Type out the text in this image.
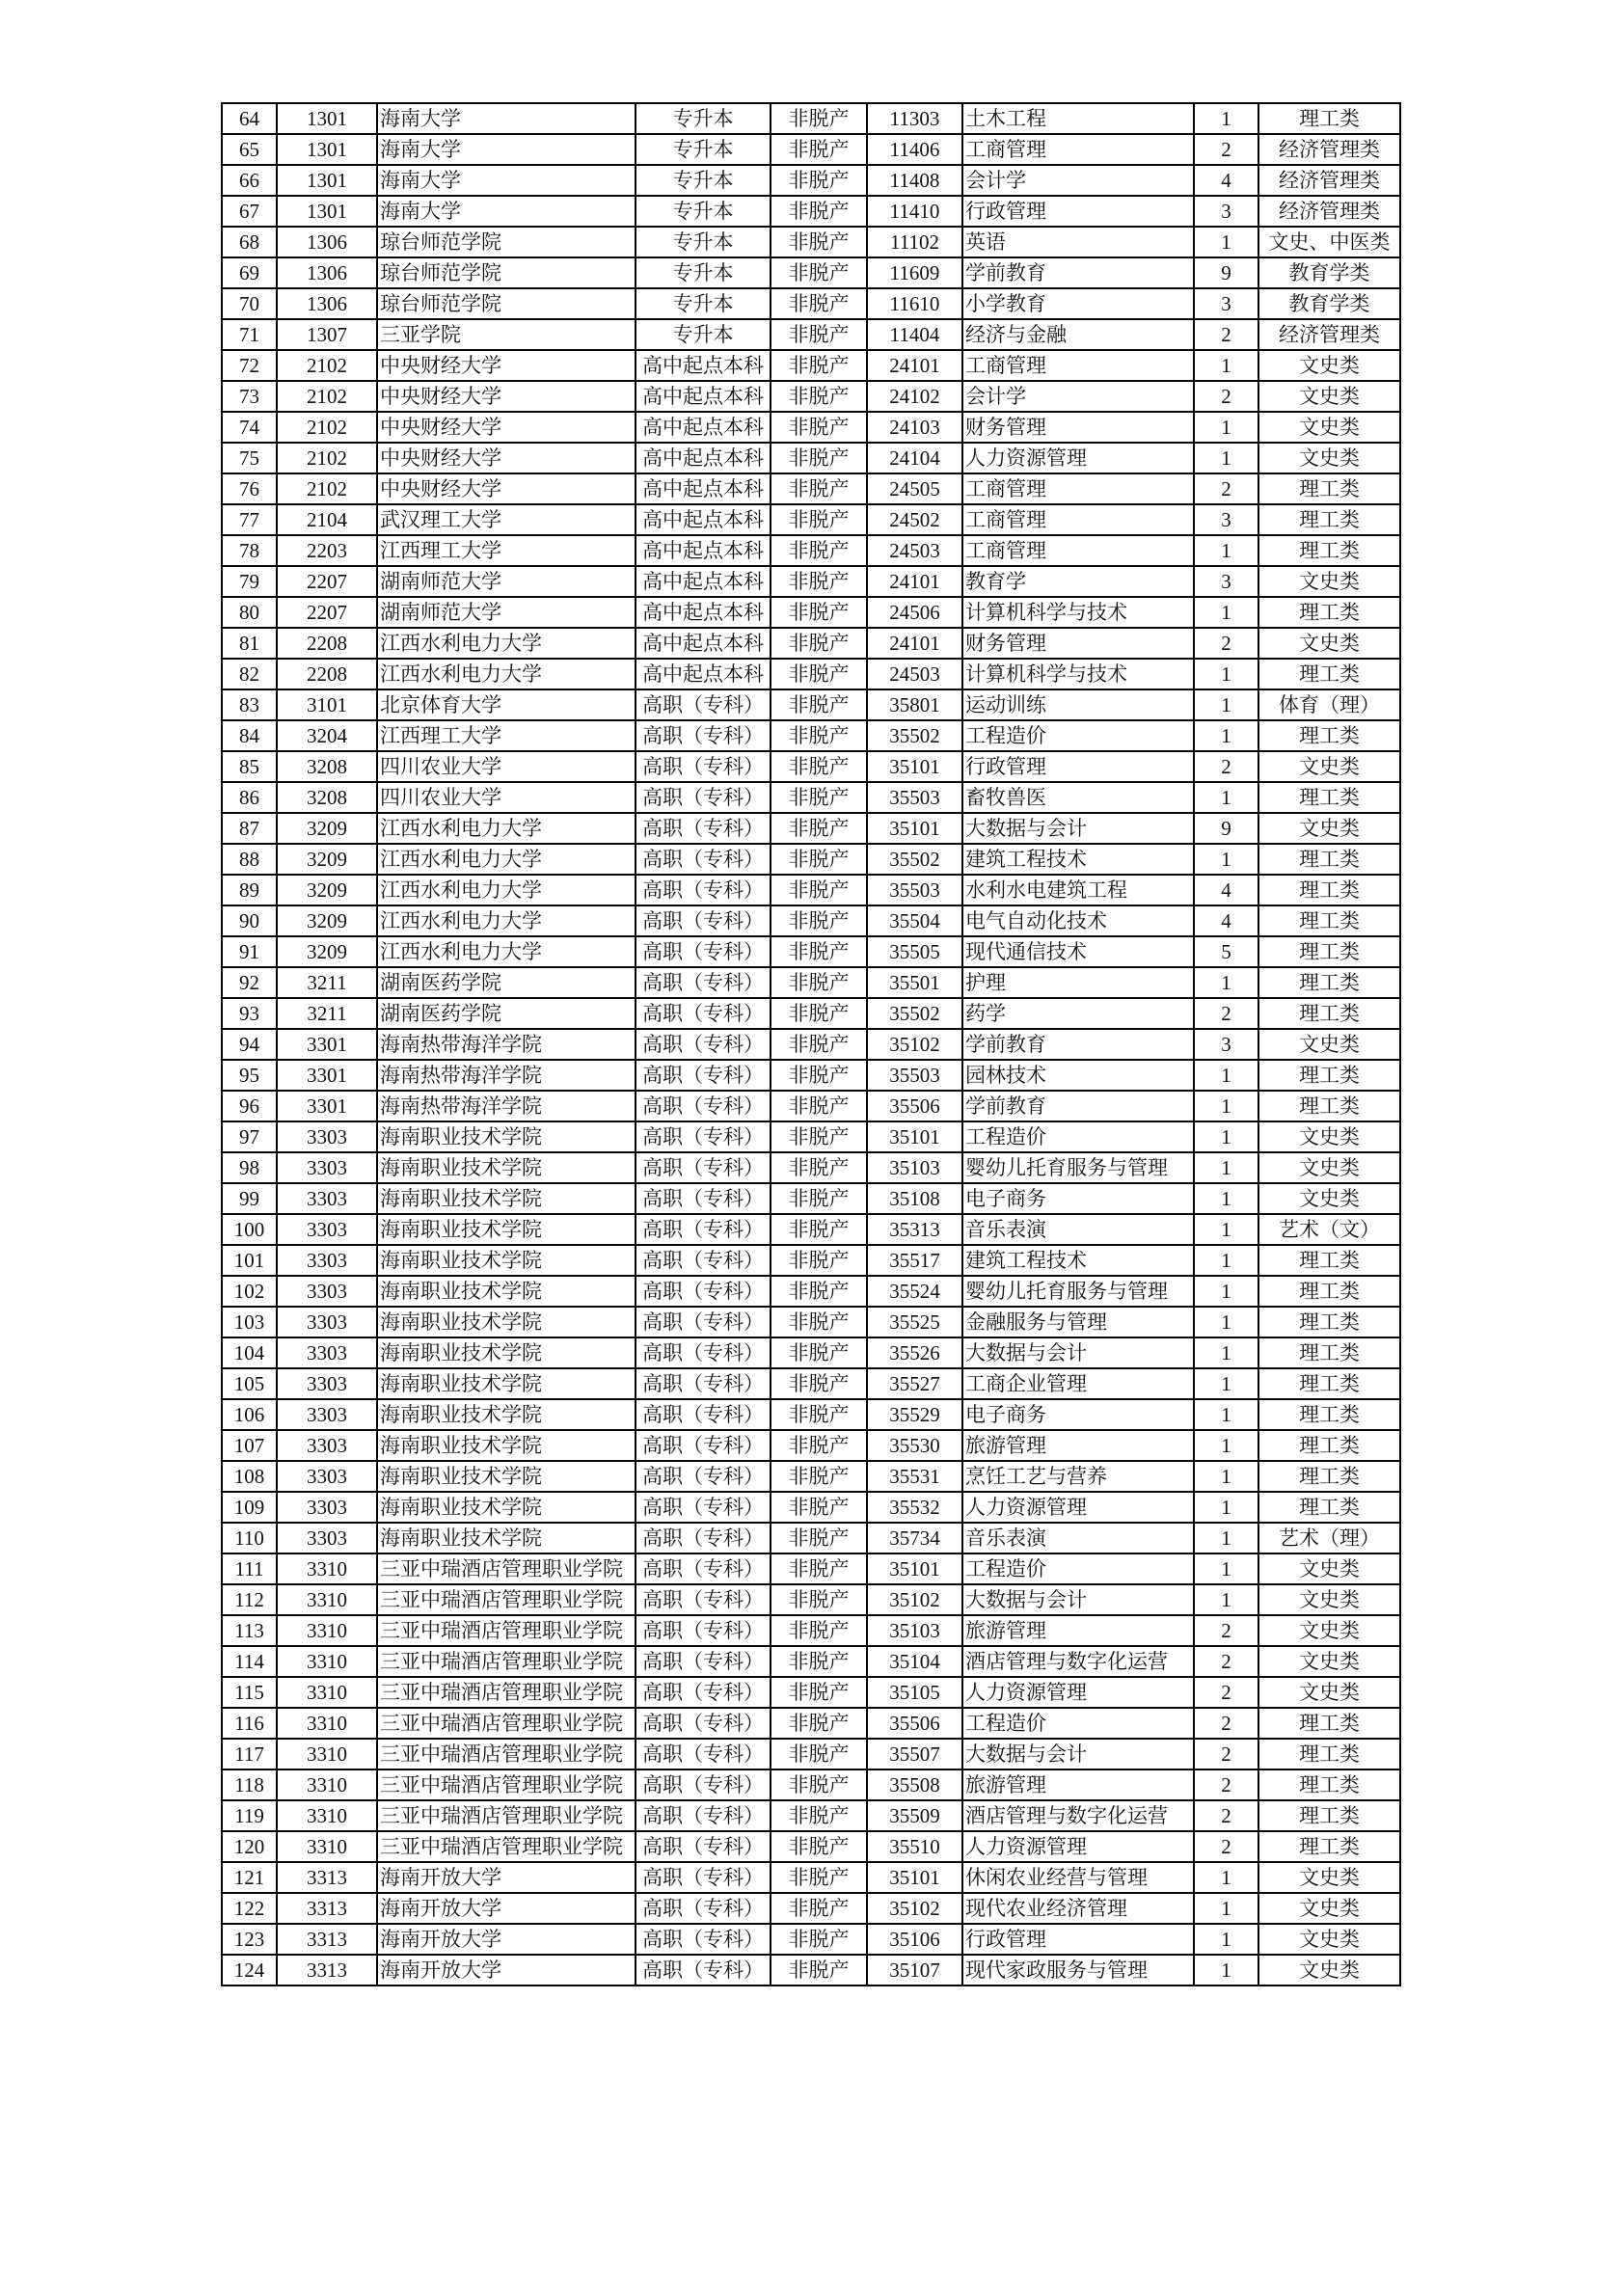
64	1301	海南大学	专升本	非脱产	11303	土木工程	1	理工类
65	1301	海南大学	专升本	非脱产	11406	工商管理	2	经济管理类
66	1301	海南大学	专升本	非脱产	11408	会计学	4	经济管理类
67	1301	海南大学	专升本	非脱产	11410	行政管理	3	经济管理类
68	1306	琼台师范学院	专升本	非脱产	11102	英语	1	文史、中医类
69	1306	琼台师范学院	专升本	非脱产	11609	学前教育	9	教育学类
70	1306	琼台师范学院	专升本	非脱产	11610	小学教育	3	教育学类
71	1307	三亚学院	专升本	非脱产	11404	经济与金融	2	经济管理类
72	2102	中央财经大学	高中起点本科	非脱产	24101	工商管理	1	文史类
73	2102	中央财经大学	高中起点本科	非脱产	24102	会计学	2	文史类
74	2102	中央财经大学	高中起点本科	非脱产	24103	财务管理	1	文史类
75	2102	中央财经大学	高中起点本科	非脱产	24104	人力资源管理	1	文史类
76	2102	中央财经大学	高中起点本科	非脱产	24505	工商管理	2	理工类
77	2104	武汉理工大学	高中起点本科	非脱产	24502	工商管理	3	理工类
78	2203	江西理工大学	高中起点本科	非脱产	24503	工商管理	1	理工类
79	2207	湖南师范大学	高中起点本科	非脱产	24101	教育学	3	文史类
80	2207	湖南师范大学	高中起点本科	非脱产	24506	计算机科学与技术	1	理工类
81	2208	江西水利电力大学	高中起点本科	非脱产	24101	财务管理	2	文史类
82	2208	江西水利电力大学	高中起点本科	非脱产	24503	计算机科学与技术	1	理工类
83	3101	北京体育大学	高职（专科）	非脱产	35801	运动训练	1	体育（理）
84	3204	江西理工大学	高职（专科）	非脱产	35502	工程造价	1	理工类
85	3208	四川农业大学	高职（专科）	非脱产	35101	行政管理	2	文史类
86	3208	四川农业大学	高职（专科）	非脱产	35503	畜牧兽医	1	理工类
87	3209	江西水利电力大学	高职（专科）	非脱产	35101	大数据与会计	9	文史类
88	3209	江西水利电力大学	高职（专科）	非脱产	35502	建筑工程技术	1	理工类
89	3209	江西水利电力大学	高职（专科）	非脱产	35503	水利水电建筑工程	4	理工类
90	3209	江西水利电力大学	高职（专科）	非脱产	35504	电气自动化技术	4	理工类
91	3209	江西水利电力大学	高职（专科）	非脱产	35505	现代通信技术	5	理工类
92	3211	湖南医药学院	高职（专科）	非脱产	35501	护理	1	理工类
93	3211	湖南医药学院	高职（专科）	非脱产	35502	药学	2	理工类
94	3301	海南热带海洋学院	高职（专科）	非脱产	35102	学前教育	3	文史类
95	3301	海南热带海洋学院	高职（专科）	非脱产	35503	园林技术	1	理工类
96	3301	海南热带海洋学院	高职（专科）	非脱产	35506	学前教育	1	理工类
97	3303	海南职业技术学院	高职（专科）	非脱产	35101	工程造价	1	文史类
98	3303	海南职业技术学院	高职（专科）	非脱产	35103	婴幼儿托育服务与管理	1	文史类
99	3303	海南职业技术学院	高职（专科）	非脱产	35108	电子商务	1	文史类
100	3303	海南职业技术学院	高职（专科）	非脱产	35313	音乐表演	1	艺术（文）
101	3303	海南职业技术学院	高职（专科）	非脱产	35517	建筑工程技术	1	理工类
102	3303	海南职业技术学院	高职（专科）	非脱产	35524	婴幼儿托育服务与管理	1	理工类
103	3303	海南职业技术学院	高职（专科）	非脱产	35525	金融服务与管理	1	理工类
104	3303	海南职业技术学院	高职（专科）	非脱产	35526	大数据与会计	1	理工类
105	3303	海南职业技术学院	高职（专科）	非脱产	35527	工商企业管理	1	理工类
106	3303	海南职业技术学院	高职（专科）	非脱产	35529	电子商务	1	理工类
107	3303	海南职业技术学院	高职（专科）	非脱产	35530	旅游管理	1	理工类
108	3303	海南职业技术学院	高职（专科）	非脱产	35531	烹饪工艺与营养	1	理工类
109	3303	海南职业技术学院	高职（专科）	非脱产	35532	人力资源管理	1	理工类
110	3303	海南职业技术学院	高职（专科）	非脱产	35734	音乐表演	1	艺术（理）
111	3310	三亚中瑞酒店管理职业学院	高职（专科）	非脱产	35101	工程造价	1	文史类
112	3310	三亚中瑞酒店管理职业学院	高职（专科）	非脱产	35102	大数据与会计	1	文史类
113	3310	三亚中瑞酒店管理职业学院	高职（专科）	非脱产	35103	旅游管理	2	文史类
114	3310	三亚中瑞酒店管理职业学院	高职（专科）	非脱产	35104	酒店管理与数字化运营	2	文史类
115	3310	三亚中瑞酒店管理职业学院	高职（专科）	非脱产	35105	人力资源管理	2	文史类
116	3310	三亚中瑞酒店管理职业学院	高职（专科）	非脱产	35506	工程造价	2	理工类
117	3310	三亚中瑞酒店管理职业学院	高职（专科）	非脱产	35507	大数据与会计	2	理工类
118	3310	三亚中瑞酒店管理职业学院	高职（专科）	非脱产	35508	旅游管理	2	理工类
119	3310	三亚中瑞酒店管理职业学院	高职（专科）	非脱产	35509	酒店管理与数字化运营	2	理工类
120	3310	三亚中瑞酒店管理职业学院	高职（专科）	非脱产	35510	人力资源管理	2	理工类
121	3313	海南开放大学	高职（专科）	非脱产	35101	休闲农业经营与管理	1	文史类
122	3313	海南开放大学	高职（专科）	非脱产	35102	现代农业经济管理	1	文史类
123	3313	海南开放大学	高职（专科）	非脱产	35106	行政管理	1	文史类
124	3313	海南开放大学	高职（专科）	非脱产	35107	现代家政服务与管理	1	文史类
